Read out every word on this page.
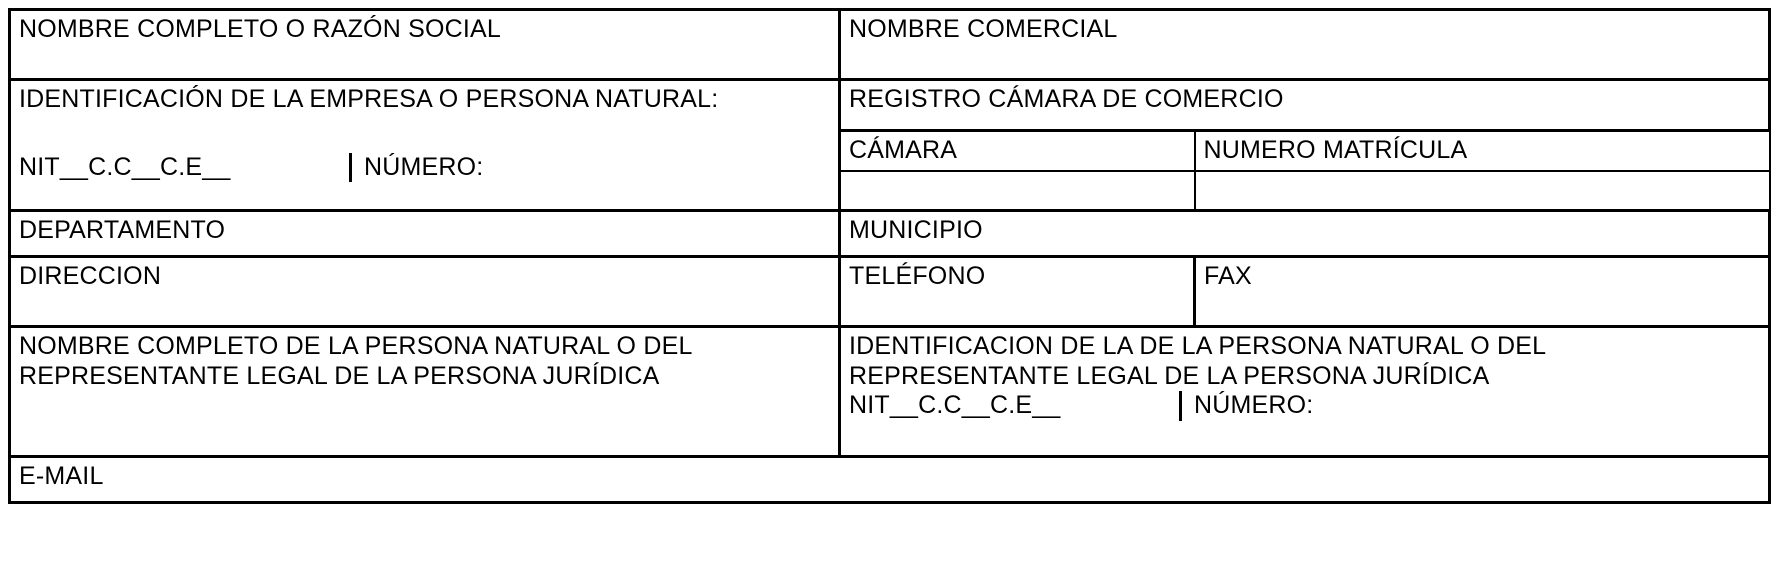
NOMBRE COMPLETO O RAZÓN SOCIAL	NOMBRE COMERCIAL	

IDENTIFICACIÓN DE LA EMPRESA O PERSONA NATURAL:
NIT__C.C__C.E__ NÚMERO:	REGISTRO CÁMARA DE COMERCIO	

	CÁMARA	NUMERO MATRÍCULA

DEPARTAMENTO	MUNICIPIO	

DIRECCION	TELÉFONO	FAX

NOMBRE COMPLETO DE LA PERSONA NATURAL O DEL
REPRESENTANTE LEGAL DE LA PERSONA JURÍDICA	IDENTIFICACION DE LA DE LA PERSONA NATURAL O DEL
REPRESENTANTE LEGAL DE LA PERSONA JURÍDICA
NIT__C.C__C.E__ NÚMERO:	

E-MAIL		
